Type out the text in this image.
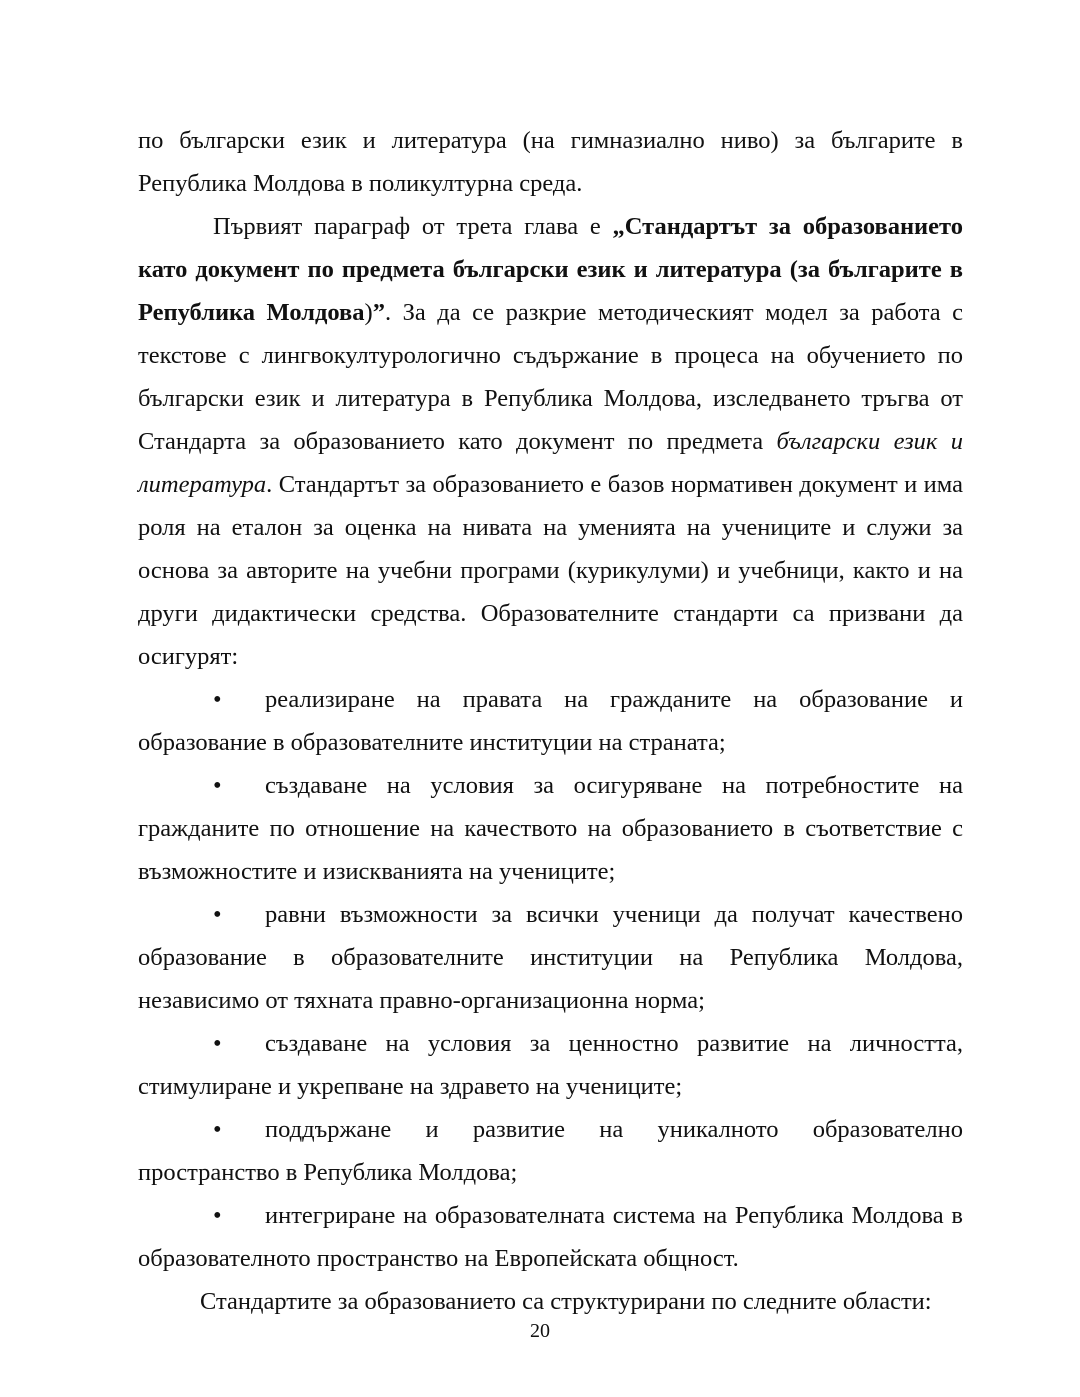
по български език и литература (на гимназиално ниво) за българите в Република Молдова в поликултурна среда.

Първият параграф от трета глава е „Стандартът за образованието като документ по предмета български език и литература (за българите в Република Молдова)”. За да се разкрие методическият модел за работа с текстове с лингвокултурологично съдържание в процеса на обучението по български език и литература в Република Молдова, изследването тръгва от Стандарта за образованието като документ по предмета български език и литература. Стандартът за образованието е базов нормативен документ и има роля на еталон за оценка на нивата на уменията на учениците и служи за основа за авторите на учебни програми (курикулуми) и учебници, както и на други дидактически средства. Образователните стандарти са призвани да осигурят:

• реализиране на правата на гражданите на образование и образование в образователните институции на страната;

• създаване на условия за осигуряване на потребностите на гражданите по отношение на качеството на образованието в съответствие с възможностите и изискванията на учениците;

• равни възможности за всички ученици да получат качествено образование в образователните институции на Република Молдова, независимо от тяхната правно-организационна норма;

• създаване на условия за ценностно развитие на личността, стимулиране и укрепване на здравето на учениците;

• поддържане и развитие на уникалното образователно пространство в Република Молдова;

• интегриране на образователната система на Република Молдова в образователното пространство на Европейската общност.

Стандартите за образованието са структурирани по следните области:

20
